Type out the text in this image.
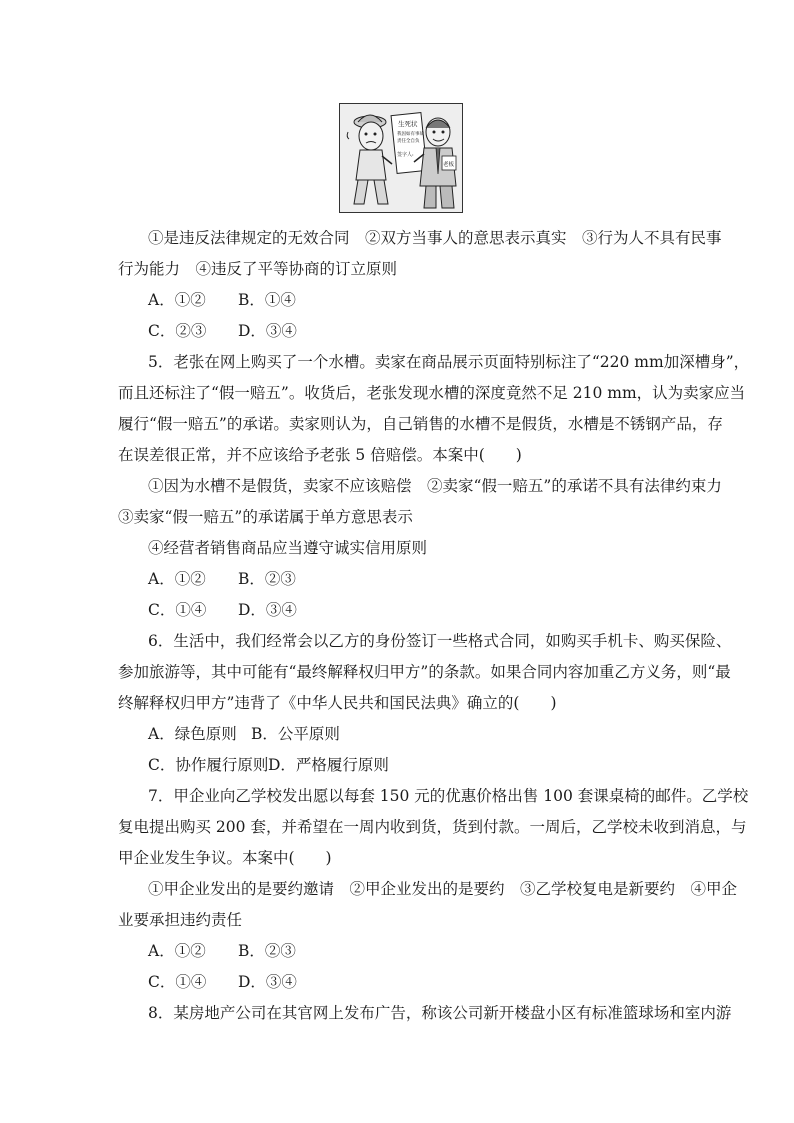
生死状
我因如有事故
责任全自负
签字人:
老板
①是违反法律规定的无效合同　②双方当事人的意思表示真实　③行为人不具有民事
行为能力　④违反了平等协商的订立原则
A．①② B．①④
C．②③ D．③④
5．老张在网上购买了一个水槽。卖家在商品展示页面特别标注了“220 mm加深槽身”，
而且还标注了“假一赔五”。收货后，老张发现水槽的深度竟然不足 210 mm，认为卖家应当
履行“假一赔五”的承诺。卖家则认为，自己销售的水槽不是假货，水槽是不锈钢产品，存
在误差很正常，并不应该给予老张 5 倍赔偿。本案中(　　)
①因为水槽不是假货，卖家不应该赔偿　②卖家“假一赔五”的承诺不具有法律约束力
③卖家“假一赔五”的承诺属于单方意思表示
④经营者销售商品应当遵守诚实信用原则
A．①② B．②③
C．①④ D．③④
6．生活中，我们经常会以乙方的身份签订一些格式合同，如购买手机卡、购买保险、
参加旅游等，其中可能有“最终解释权归甲方”的条款。如果合同内容加重乙方义务，则“最
终解释权归甲方”违背了《中华人民共和国民法典》确立的(　　)
A．绿色原则 B．公平原则
C．协作履行原则 D．严格履行原则
7．甲企业向乙学校发出愿以每套 150 元的优惠价格出售 100 套课桌椅的邮件。乙学校
复电提出购买 200 套，并希望在一周内收到货，货到付款。一周后，乙学校未收到消息，与
甲企业发生争议。本案中(　　)
①甲企业发出的是要约邀请　②甲企业发出的是要约　③乙学校复电是新要约　④甲企
业要承担违约责任
A．①② B．②③
C．①④ D．③④
8．某房地产公司在其官网上发布广告，称该公司新开楼盘小区有标准篮球场和室内游
